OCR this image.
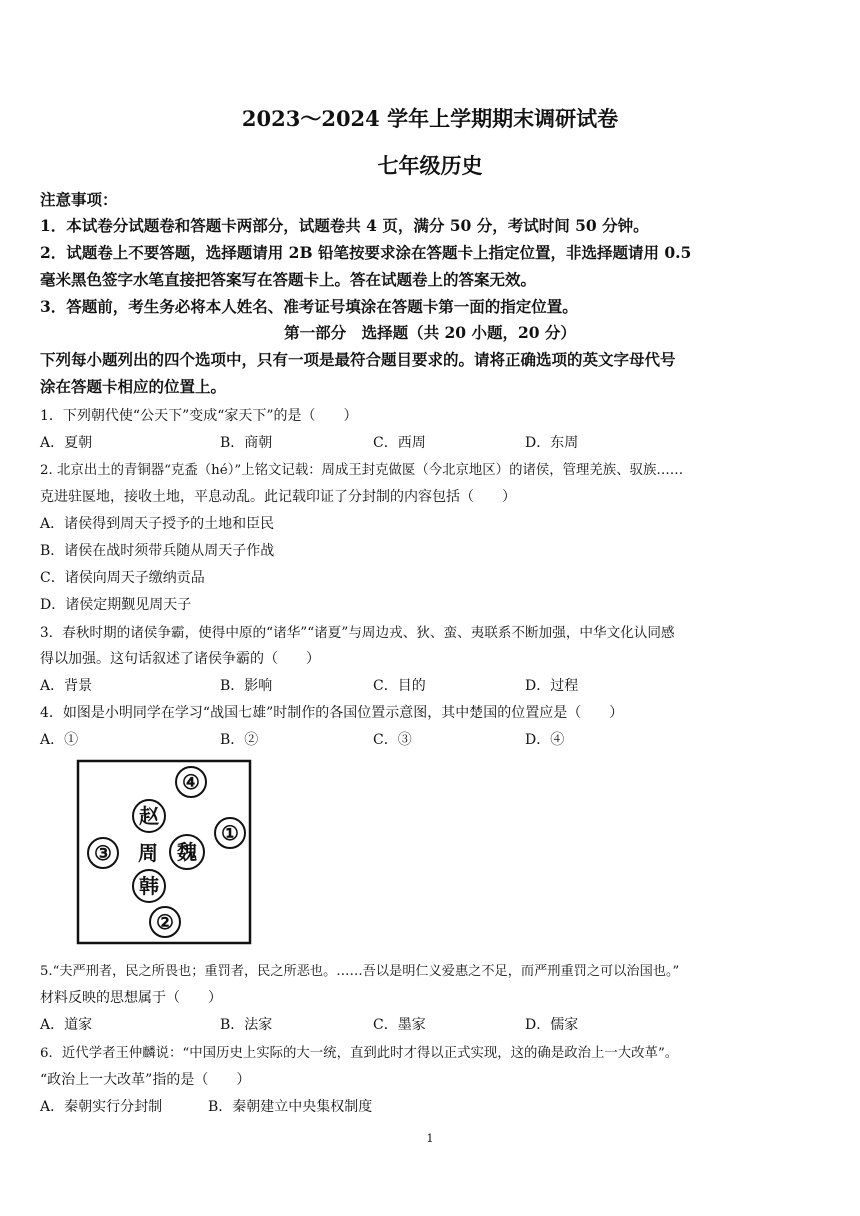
2023～2024 学年上学期期末调研试卷
七年级历史
注意事项：
1．本试卷分试题卷和答题卡两部分，试题卷共 4 页，满分 50 分，考试时间 50 分钟。
2．试题卷上不要答题，选择题请用 2B 铅笔按要求涂在答题卡上指定位置，非选择题请用 0.5
毫米黑色签字水笔直接把答案写在答题卡上。答在试题卷上的答案无效。
3．答题前，考生务必将本人姓名、准考证号填涂在答题卡第一面的指定位置。
第一部分　选择题（共 20 小题，20 分）
下列每小题列出的四个选项中，只有一项是最符合题目要求的。请将正确选项的英文字母代号
涂在答题卡相应的位置上。
1．下列朝代使“公天下”变成“家天下”的是（　　）
A．夏朝	B．商朝	C．西周	D．东周
2. 北京出土的青铜器“克盉（hé）”上铭文记载：周成王封克做匽（今北京地区）的诸侯，管理羌族、驭族……
克进驻匽地，接收土地，平息动乱。此记载印证了分封制的内容包括（　　）
A．诸侯得到周天子授予的土地和臣民
B．诸侯在战时须带兵随从周天子作战
C．诸侯向周天子缴纳贡品
D．诸侯定期觐见周天子
3．春秋时期的诸侯争霸，使得中原的“诸华”“诸夏”与周边戎、狄、蛮、夷联系不断加强，中华文化认同感
得以加强。这句话叙述了诸侯争霸的（　　）
A．背景	B．影响	C．目的	D．过程
4．如图是小明同学在学习“战国七雄”时制作的各国位置示意图，其中楚国的位置应是（　　）
A．①	B．②	C．③	D．④
④
赵
①
③ 周 魏
韩
②
5.“夫严刑者，民之所畏也；重罚者，民之所恶也。……吾以是明仁义爱惠之不足，而严刑重罚之可以治国也。”
材料反映的思想属于（　　）
A．道家	B．法家	C．墨家	D．儒家
6．近代学者王仲麟说：“中国历史上实际的大一统，直到此时才得以正式实现，这的确是政治上一大改革”。
“政治上一大改革”指的是（　　）
A．秦朝实行分封制	B．秦朝建立中央集权制度
1
